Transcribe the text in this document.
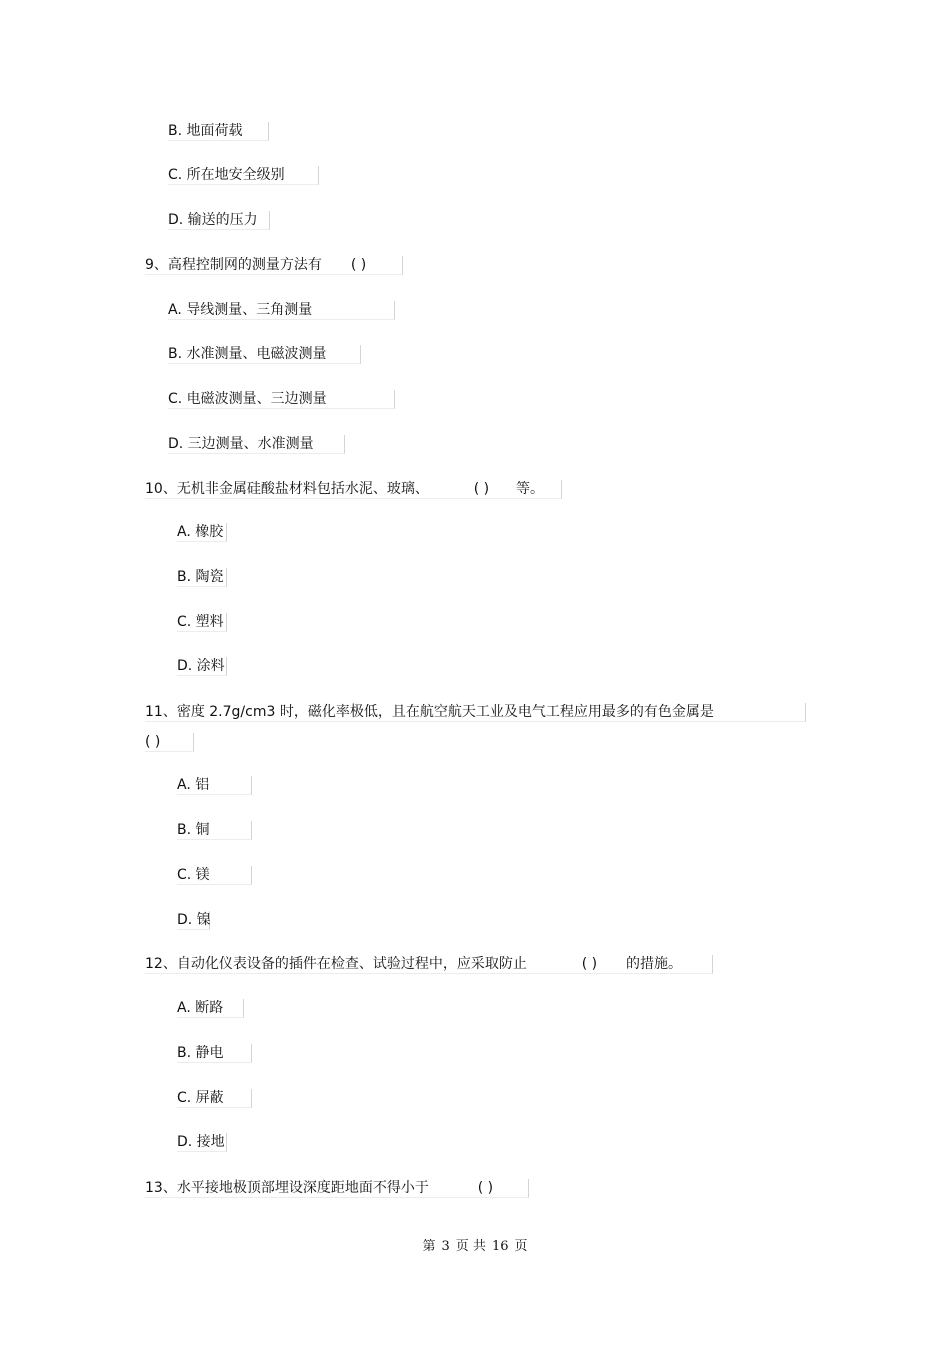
B. 地面荷载
C. 所在地安全级别
D. 输送的压力
9、高程控制网的测量方法有 ( )
A. 导线测量、三角测量
B. 水准测量、电磁波测量
C. 电磁波测量、三边测量
D. 三边测量、水准测量
10、无机非金属硅酸盐材料包括水泥、玻璃、	( ) 等。
A. 橡胶
B. 陶瓷
C. 塑料
D. 涂料
11、密度 2.7g/cm3 时，磁化率极低，且在航空航天工业及电气工程应用最多的有色金属是
( )
A. 铝
B. 铜
C. 镁
D. 镍
12、自动化仪表设备的插件在检查、试验过程中，应采取防止	( ) 的措施。
A. 断路
B. 静电
C. 屏蔽
D. 接地
13、水平接地极顶部埋设深度距地面不得小于	( )
第 3 页 共 16 页
